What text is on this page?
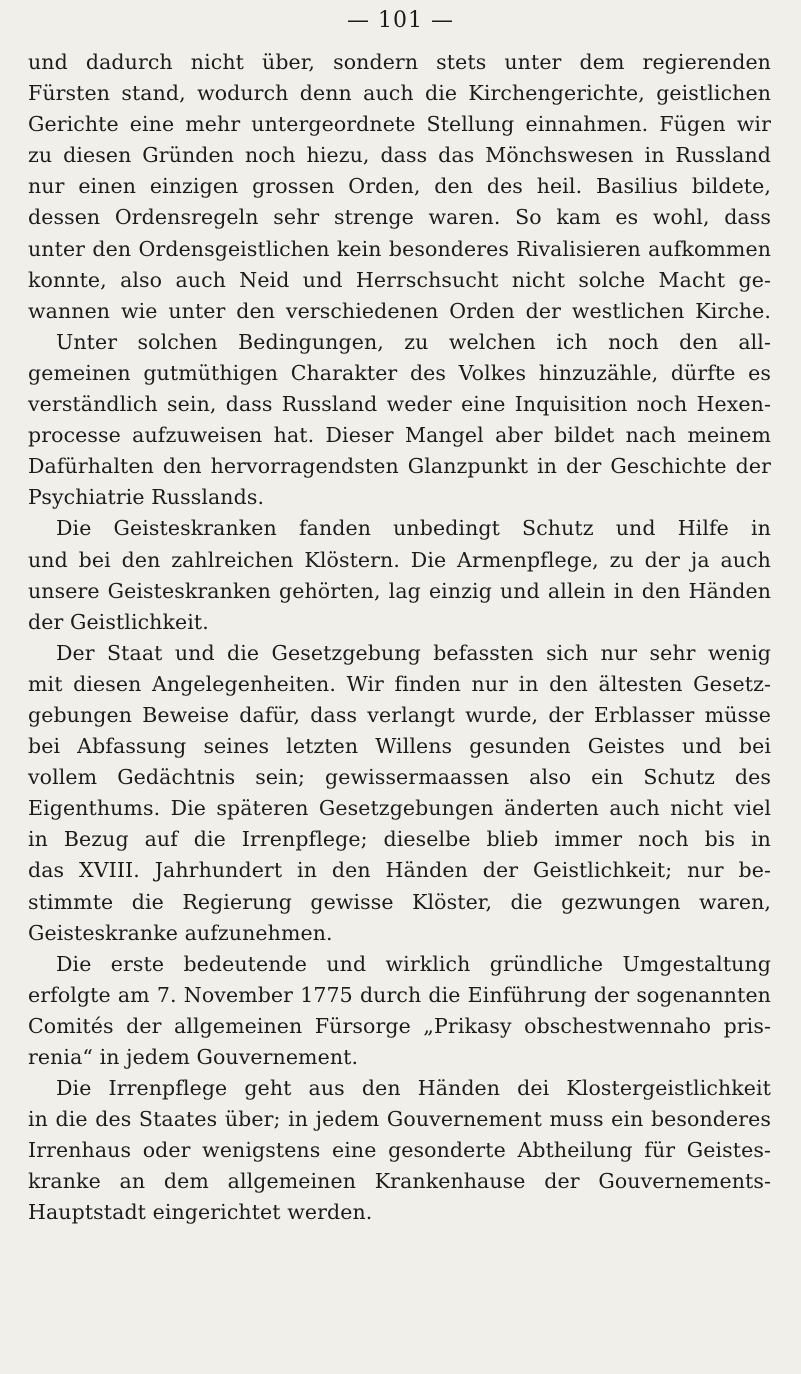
— 101 —
und dadurch nicht über, sondern stets unter dem regierenden
Fürsten stand, wodurch denn auch die Kirchengerichte, geistlichen
Gerichte eine mehr untergeordnete Stellung einnahmen. Fügen wir
zu diesen Gründen noch hiezu, dass das Mönchswesen in Russland
nur einen einzigen grossen Orden, den des heil. Basilius bildete,
dessen Ordensregeln sehr strenge waren. So kam es wohl, dass
unter den Ordensgeistlichen kein besonderes Rivalisieren aufkommen
konnte, also auch Neid und Herrschsucht nicht solche Macht ge-
wannen wie unter den verschiedenen Orden der westlichen Kirche.
Unter solchen Bedingungen, zu welchen ich noch den all-
gemeinen gutmüthigen Charakter des Volkes hinzuzähle, dürfte es
verständlich sein, dass Russland weder eine Inquisition noch Hexen-
processe aufzuweisen hat. Dieser Mangel aber bildet nach meinem
Dafürhalten den hervorragendsten Glanzpunkt in der Geschichte der
Psychiatrie Russlands.
Die Geisteskranken fanden unbedingt Schutz und Hilfe in
und bei den zahlreichen Klöstern. Die Armenpflege, zu der ja auch
unsere Geisteskranken gehörten, lag einzig und allein in den Händen
der Geistlichkeit.
Der Staat und die Gesetzgebung befassten sich nur sehr wenig
mit diesen Angelegenheiten. Wir finden nur in den ältesten Gesetz-
gebungen Beweise dafür, dass verlangt wurde, der Erblasser müsse
bei Abfassung seines letzten Willens gesunden Geistes und bei
vollem Gedächtnis sein; gewissermaassen also ein Schutz des
Eigenthums. Die späteren Gesetzgebungen änderten auch nicht viel
in Bezug auf die Irrenpflege; dieselbe blieb immer noch bis in
das XVIII. Jahrhundert in den Händen der Geistlichkeit; nur be-
stimmte die Regierung gewisse Klöster, die gezwungen waren,
Geisteskranke aufzunehmen.
Die erste bedeutende und wirklich gründliche Umgestaltung
erfolgte am 7. November 1775 durch die Einführung der sogenannten
Comités der allgemeinen Fürsorge „Prikasy obschestwennaho pris-
renia“ in jedem Gouvernement.
Die Irrenpflege geht aus den Händen dei Klostergeistlichkeit
in die des Staates über; in jedem Gouvernement muss ein besonderes
Irrenhaus oder wenigstens eine gesonderte Abtheilung für Geistes-
kranke an dem allgemeinen Krankenhause der Gouvernements-
Hauptstadt eingerichtet werden.
